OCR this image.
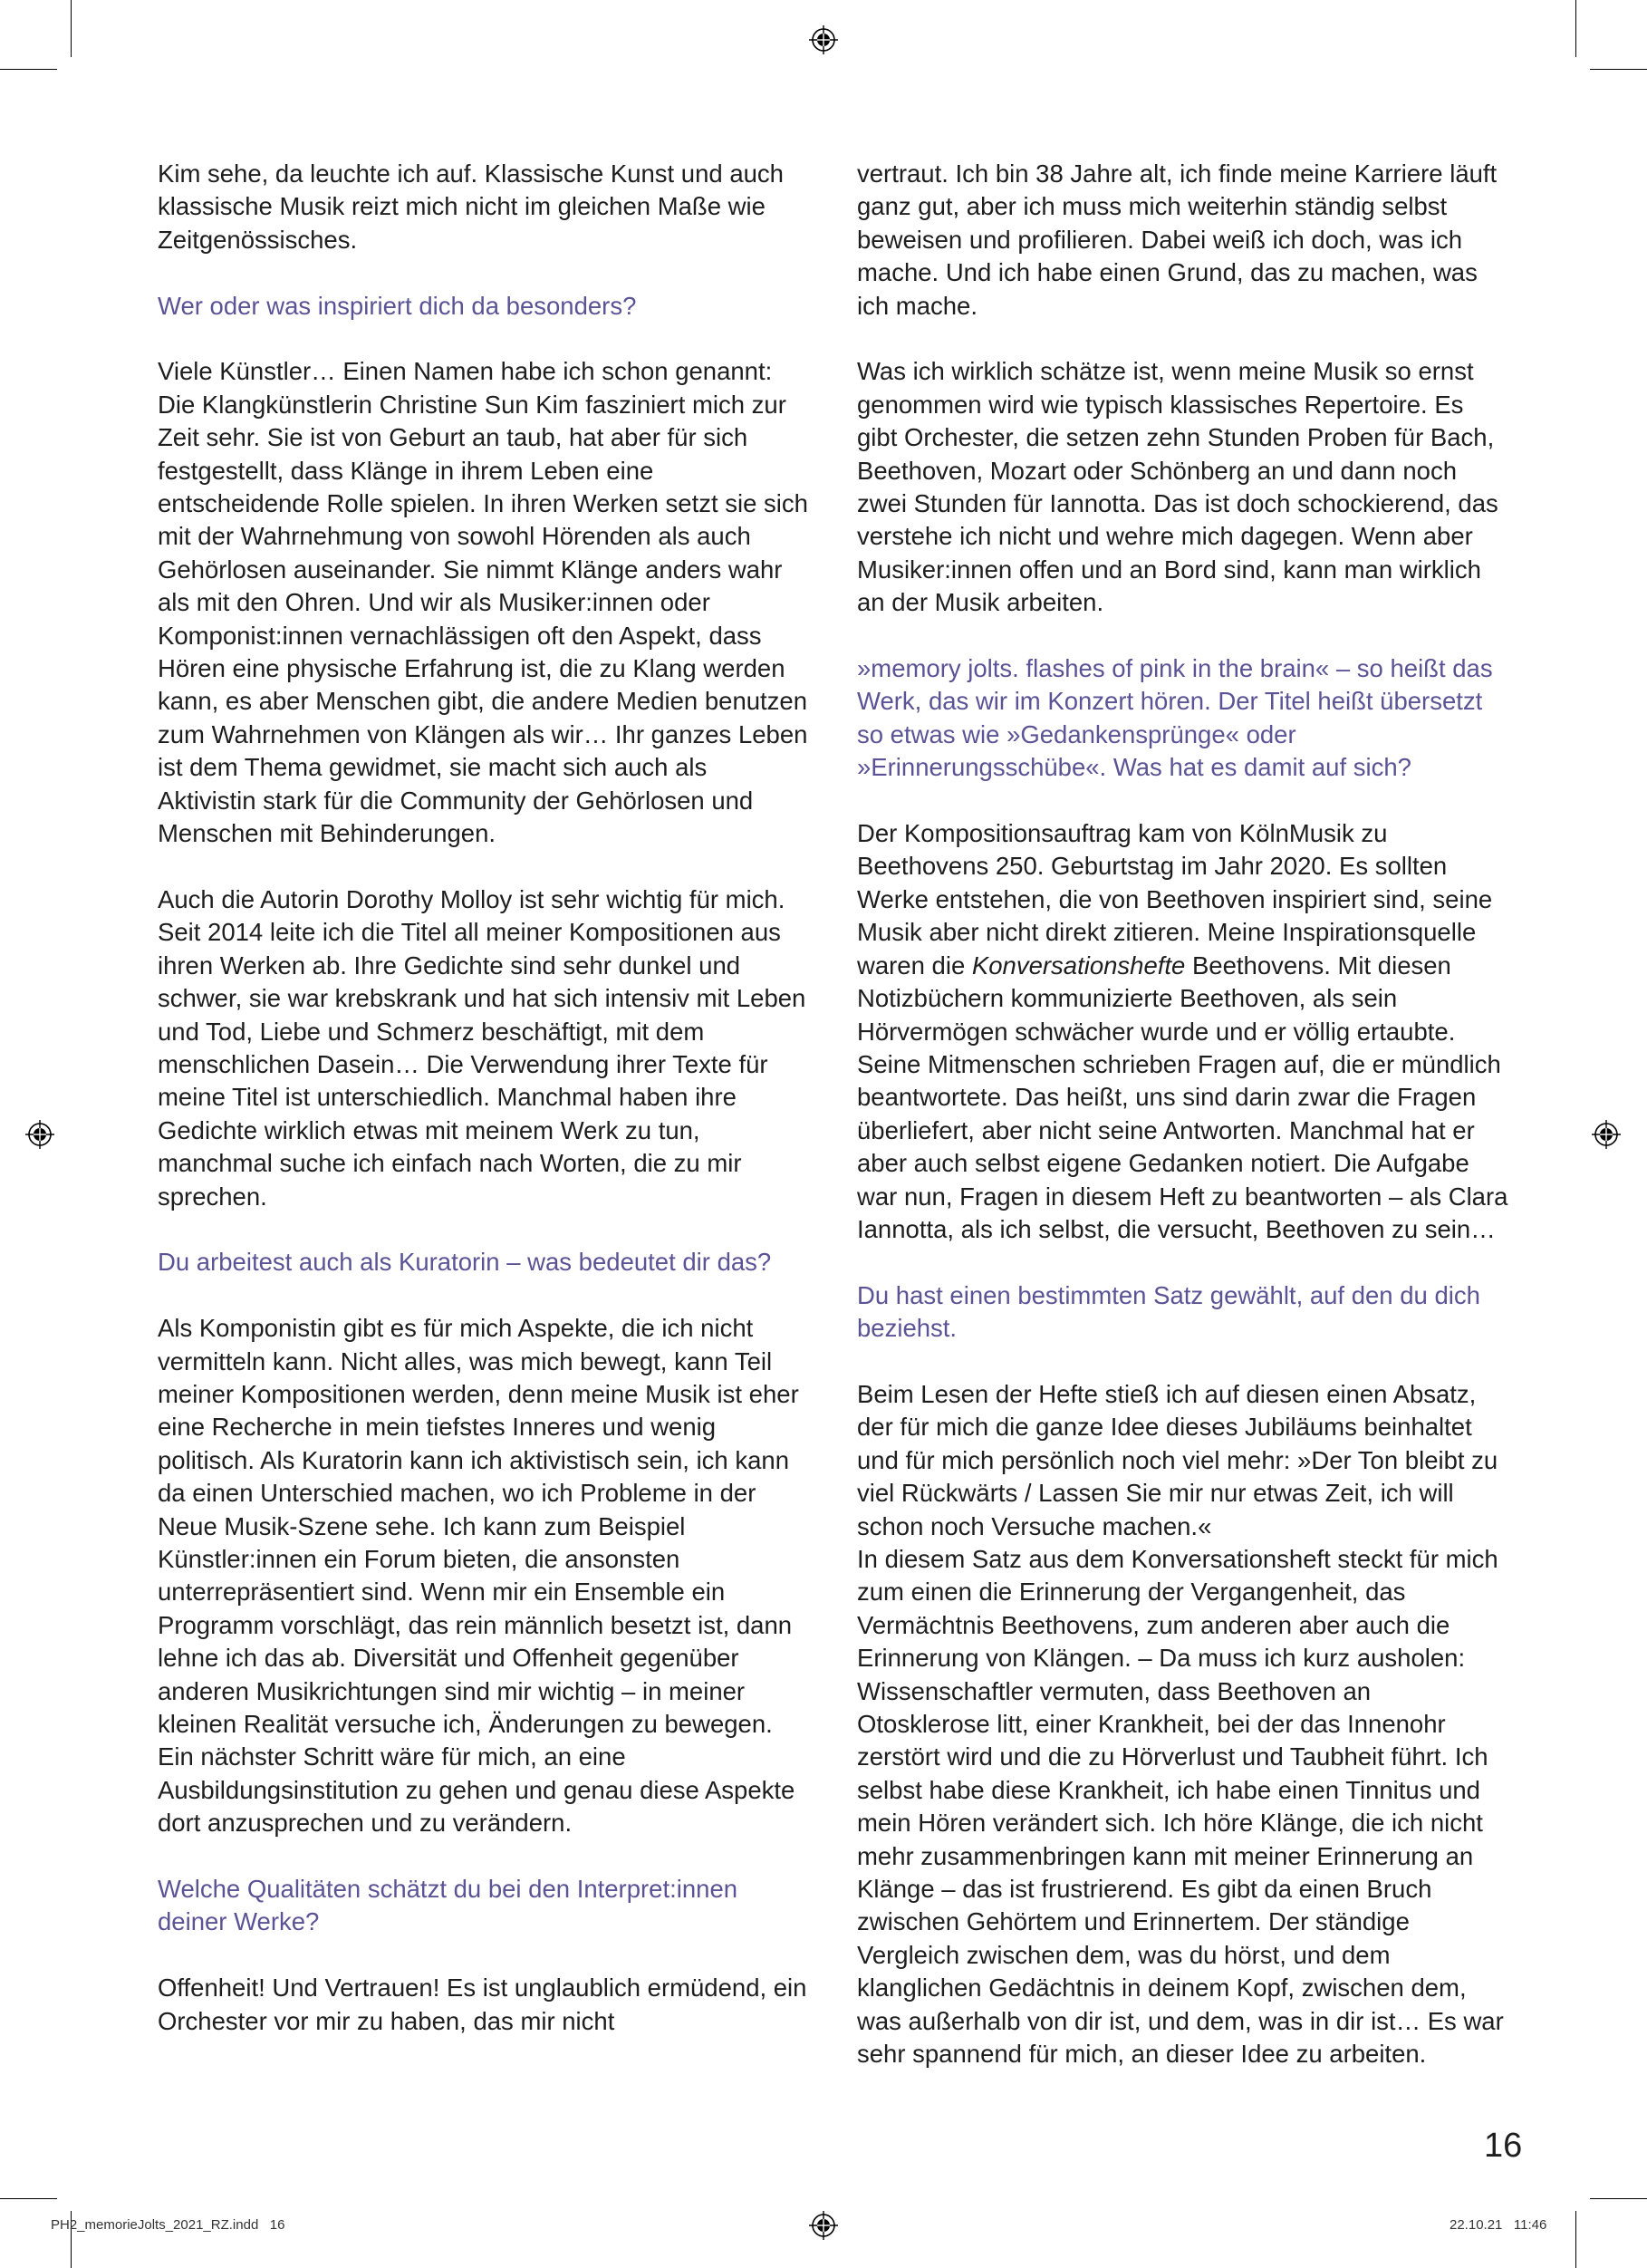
Kim sehe, da leuchte ich auf. Klassische Kunst und auch klassische Musik reizt mich nicht im gleichen Maße wie Zeitgenössisches.

Wer oder was inspiriert dich da besonders?

Viele Künstler… Einen Namen habe ich schon genannt: Die Klangkünstlerin Christine Sun Kim fasziniert mich zur Zeit sehr. Sie ist von Geburt an taub, hat aber für sich festgestellt, dass Klänge in ihrem Leben eine entscheidende Rolle spielen. In ihren Werken setzt sie sich mit der Wahrnehmung von sowohl Hörenden als auch Gehörlosen auseinander. Sie nimmt Klänge anders wahr als mit den Ohren. Und wir als Musiker:innen oder Komponist:innen vernachlässigen oft den Aspekt, dass Hören eine physische Erfahrung ist, die zu Klang werden kann, es aber Menschen gibt, die andere Medien benutzen zum Wahrnehmen von Klängen als wir… Ihr ganzes Leben ist dem Thema gewidmet, sie macht sich auch als Aktivistin stark für die Community der Gehörlosen und Menschen mit Behinderungen.

Auch die Autorin Dorothy Molloy ist sehr wichtig für mich. Seit 2014 leite ich die Titel all meiner Kompositionen aus ihren Werken ab. Ihre Gedichte sind sehr dunkel und schwer, sie war krebskrank und hat sich intensiv mit Leben und Tod, Liebe und Schmerz beschäftigt, mit dem menschlichen Dasein… Die Verwendung ihrer Texte für meine Titel ist unterschiedlich. Manchmal haben ihre Gedichte wirklich etwas mit meinem Werk zu tun, manchmal suche ich einfach nach Worten, die zu mir sprechen.

Du arbeitest auch als Kuratorin – was bedeutet dir das?

Als Komponistin gibt es für mich Aspekte, die ich nicht vermitteln kann. Nicht alles, was mich bewegt, kann Teil meiner Kompositionen werden, denn meine Musik ist eher eine Recherche in mein tiefstes Inneres und wenig politisch. Als Kuratorin kann ich aktivistisch sein, ich kann da einen Unterschied machen, wo ich Probleme in der Neue Musik-Szene sehe. Ich kann zum Beispiel Künstler:innen ein Forum bieten, die ansonsten unterrepräsentiert sind. Wenn mir ein Ensemble ein Programm vorschlägt, das rein männlich besetzt ist, dann lehne ich das ab. Diversität und Offenheit gegenüber anderen Musikrichtungen sind mir wichtig – in meiner kleinen Realität versuche ich, Änderungen zu bewegen. Ein nächster Schritt wäre für mich, an eine Ausbildungsinstitution zu gehen und genau diese Aspekte dort anzusprechen und zu verändern.

Welche Qualitäten schätzt du bei den Interpret:innen deiner Werke?

Offenheit! Und Vertrauen! Es ist unglaublich ermüdend, ein Orchester vor mir zu haben, das mir nicht

vertraut. Ich bin 38 Jahre alt, ich finde meine Karriere läuft ganz gut, aber ich muss mich weiterhin ständig selbst beweisen und profilieren. Dabei weiß ich doch, was ich mache. Und ich habe einen Grund, das zu machen, was ich mache.

Was ich wirklich schätze ist, wenn meine Musik so ernst genommen wird wie typisch klassisches Repertoire. Es gibt Orchester, die setzen zehn Stunden Proben für Bach, Beethoven, Mozart oder Schönberg an und dann noch zwei Stunden für Iannotta. Das ist doch schockierend, das verstehe ich nicht und wehre mich dagegen. Wenn aber Musiker:innen offen und an Bord sind, kann man wirklich an der Musik arbeiten.

»memory jolts. flashes of pink in the brain« – so heißt das Werk, das wir im Konzert hören. Der Titel heißt übersetzt so etwas wie »Gedankensprünge« oder »Erinnerungsschübe«. Was hat es damit auf sich?

Der Kompositionsauftrag kam von KölnMusik zu Beethovens 250. Geburtstag im Jahr 2020. Es sollten Werke entstehen, die von Beethoven inspiriert sind, seine Musik aber nicht direkt zitieren. Meine Inspirationsquelle waren die Konversationshefte Beethovens. Mit diesen Notizbüchern kommunizierte Beethoven, als sein Hörvermögen schwächer wurde und er völlig ertaubte. Seine Mitmenschen schrieben Fragen auf, die er mündlich beantwortete. Das heißt, uns sind darin zwar die Fragen überliefert, aber nicht seine Antworten. Manchmal hat er aber auch selbst eigene Gedanken notiert. Die Aufgabe war nun, Fragen in diesem Heft zu beantworten – als Clara Iannotta, als ich selbst, die versucht, Beethoven zu sein…

Du hast einen bestimmten Satz gewählt, auf den du dich beziehst.

Beim Lesen der Hefte stieß ich auf diesen einen Absatz, der für mich die ganze Idee dieses Jubiläums beinhaltet und für mich persönlich noch viel mehr: »Der Ton bleibt zu viel Rückwärts / Lassen Sie mir nur etwas Zeit, ich will schon noch Versuche machen.«
In diesem Satz aus dem Konversationsheft steckt für mich zum einen die Erinnerung der Vergangenheit, das Vermächtnis Beethovens, zum anderen aber auch die Erinnerung von Klängen. – Da muss ich kurz ausholen: Wissenschaftler vermuten, dass Beethoven an Otosklerose litt, einer Krankheit, bei der das Innenohr zerstört wird und die zu Hörverlust und Taubheit führt. Ich selbst habe diese Krankheit, ich habe einen Tinnitus und mein Hören verändert sich. Ich höre Klänge, die ich nicht mehr zusammenbringen kann mit meiner Erinnerung an Klänge – das ist frustrierend. Es gibt da einen Bruch zwischen Gehörtem und Erinnertem. Der ständige Vergleich zwischen dem, was du hörst, und dem klanglichen Gedächtnis in deinem Kopf, zwischen dem, was außerhalb von dir ist, und dem, was in dir ist… Es war sehr spannend für mich, an dieser Idee zu arbeiten.

16
PH2_memorieJolts_2021_RZ.indd   16	22.10.21   11:46
